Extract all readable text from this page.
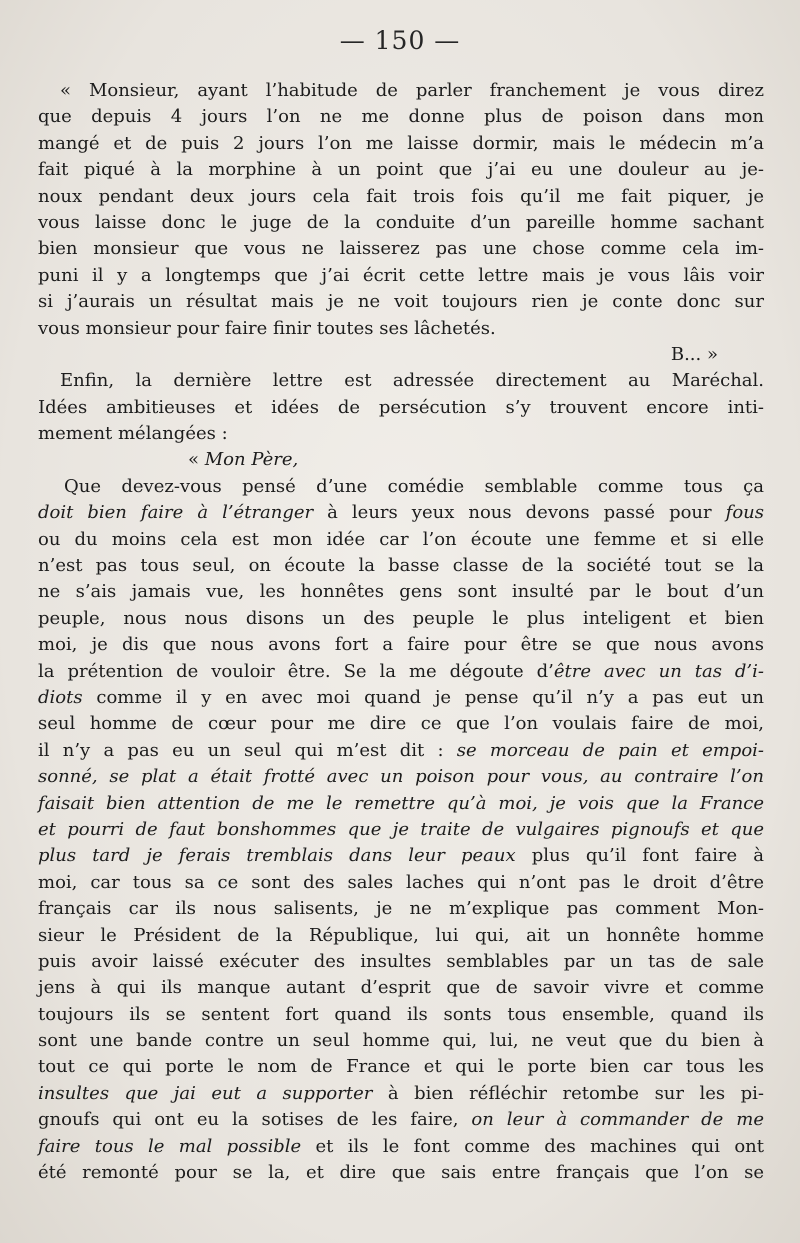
— 150 —
« Monsieur, ayant l’habitude de parler franchement je vous direz
que depuis 4 jours l’on ne me donne plus de poison dans mon
mangé et de puis 2 jours l’on me laisse dormir, mais le médecin m’a
fait piqué à la morphine à un point que j’ai eu une douleur au je-
noux pendant deux jours cela fait trois fois qu’il me fait piquer, je
vous laisse donc le juge de la conduite d’un pareille homme sachant
bien monsieur que vous ne laisserez pas une chose comme cela im-
puni il y a longtemps que j’ai écrit cette lettre mais je vous lâis voir
si j’aurais un résultat mais je ne voit toujours rien je conte donc sur
vous monsieur pour faire finir toutes ses lâchetés.
B... »
Enfin, la dernière lettre est adressée directement au Maréchal.
Idées ambitieuses et idées de persécution s’y trouvent encore inti-
mement mélangées :
« Mon Père,
Que devez-vous pensé d’une comédie semblable comme tous ça
doit bien faire à l’étranger à leurs yeux nous devons passé pour fous
ou du moins cela est mon idée car l’on écoute une femme et si elle
n’est pas tous seul, on écoute la basse classe de la société tout se la
ne s’ais jamais vue, les honnêtes gens sont insulté par le bout d’un
peuple, nous nous disons un des peuple le plus inteligent et bien
moi, je dis que nous avons fort a faire pour être se que nous avons
la prétention de vouloir être. Se la me dégoute d’être avec un tas d’i-
diots comme il y en avec moi quand je pense qu’il n’y a pas eut un
seul homme de cœur pour me dire ce que l’on voulais faire de moi,
il n’y a pas eu un seul qui m’est dit : se morceau de pain et empoi-
sonné, se plat a était frotté avec un poison pour vous, au contraire l’on
faisait bien attention de me le remettre qu’à moi, je vois que la France
et pourri de faut bonshommes que je traite de vulgaires pignoufs et que
plus tard je ferais tremblais dans leur peaux plus qu’il font faire à
moi, car tous sa ce sont des sales laches qui n’ont pas le droit d’être
français car ils nous salisents, je ne m’explique pas comment Mon-
sieur le Président de la République, lui qui, ait un honnête homme
puis avoir laissé exécuter des insultes semblables par un tas de sale
jens à qui ils manque autant d’esprit que de savoir vivre et comme
toujours ils se sentent fort quand ils sonts tous ensemble, quand ils
sont une bande contre un seul homme qui, lui, ne veut que du bien à
tout ce qui porte le nom de France et qui le porte bien car tous les
insultes que jai eut a supporter à bien réfléchir retombe sur les pi-
gnoufs qui ont eu la sotises de les faire, on leur à commander de me
faire tous le mal possible et ils le font comme des machines qui ont
été remonté pour se la, et dire que sais entre français que l’on se
